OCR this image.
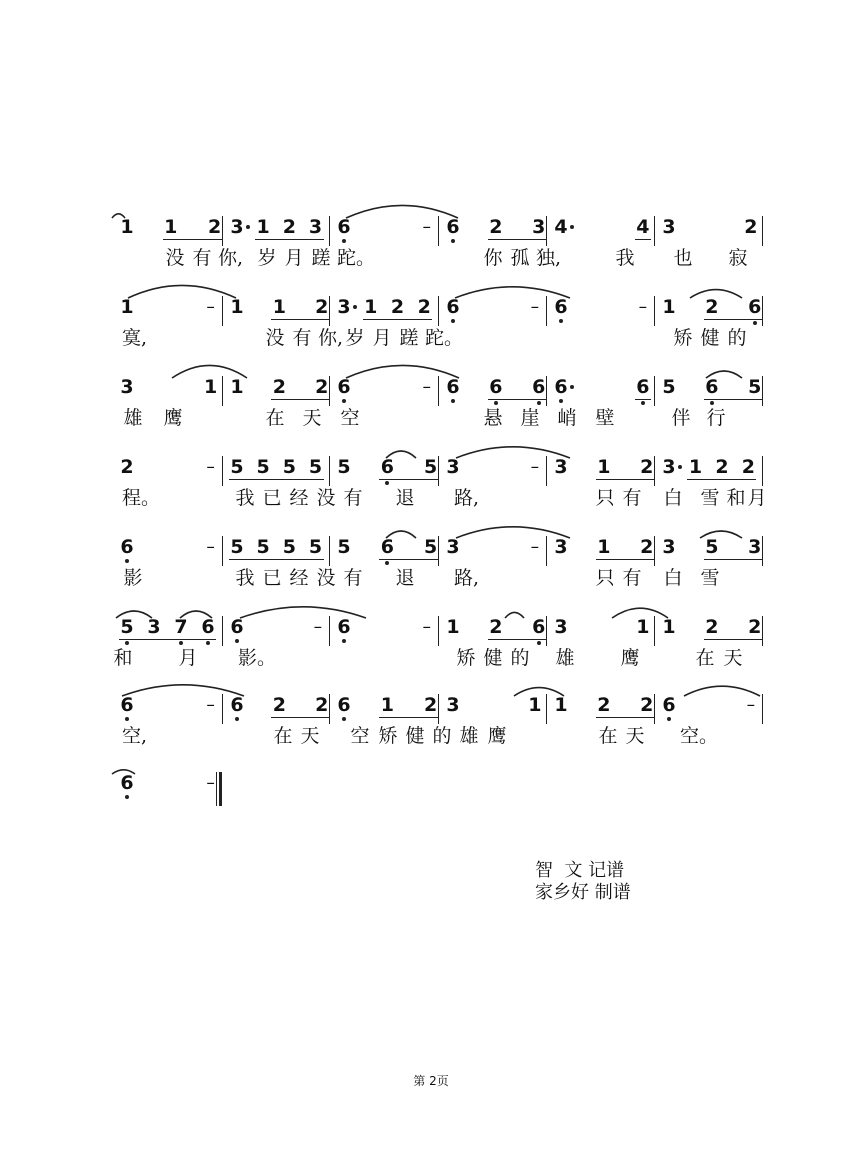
1 1 2 3 1 2 3 6	– 6 2 3 4	4 3	2
没 有 你, 岁 月 蹉 跎。	你 孤 独,	我 也 寂
1	– 1 1 2 3 1 2 2 6	– 6	– 1 2 6
寞,	没 有 你, 岁 月 蹉 跎。	矫 健 的
3	1 1 2 2 6	– 6 6 6 6	6 5 6 5
雄 鹰	在 天 空	悬 崖 峭 壁	伴 行
2	– 5 5 5 5 5 6 5 3	– 3 1 2 3 1 2 2
程。	我 已 经 没 有 退 路,	只 有 白 雪 和 月
6	– 5 5 5 5 5 6 5 3	– 3 1 2 3 5 3
影	我 已 经 没 有 退 路,	只 有 白 雪
5 3 7 6 6	– 6	– 1 2 6 3	1 1 2 2
和 月 影。	矫 健 的 雄 鹰	在 天
6	– 6 2 2 6 1 2 3	1 1 2 2 6	–
空,	在 天 空 矫 健 的 雄 鹰	在 天 空。
6	–
智  文 记谱
家乡好 制谱
第 2页
